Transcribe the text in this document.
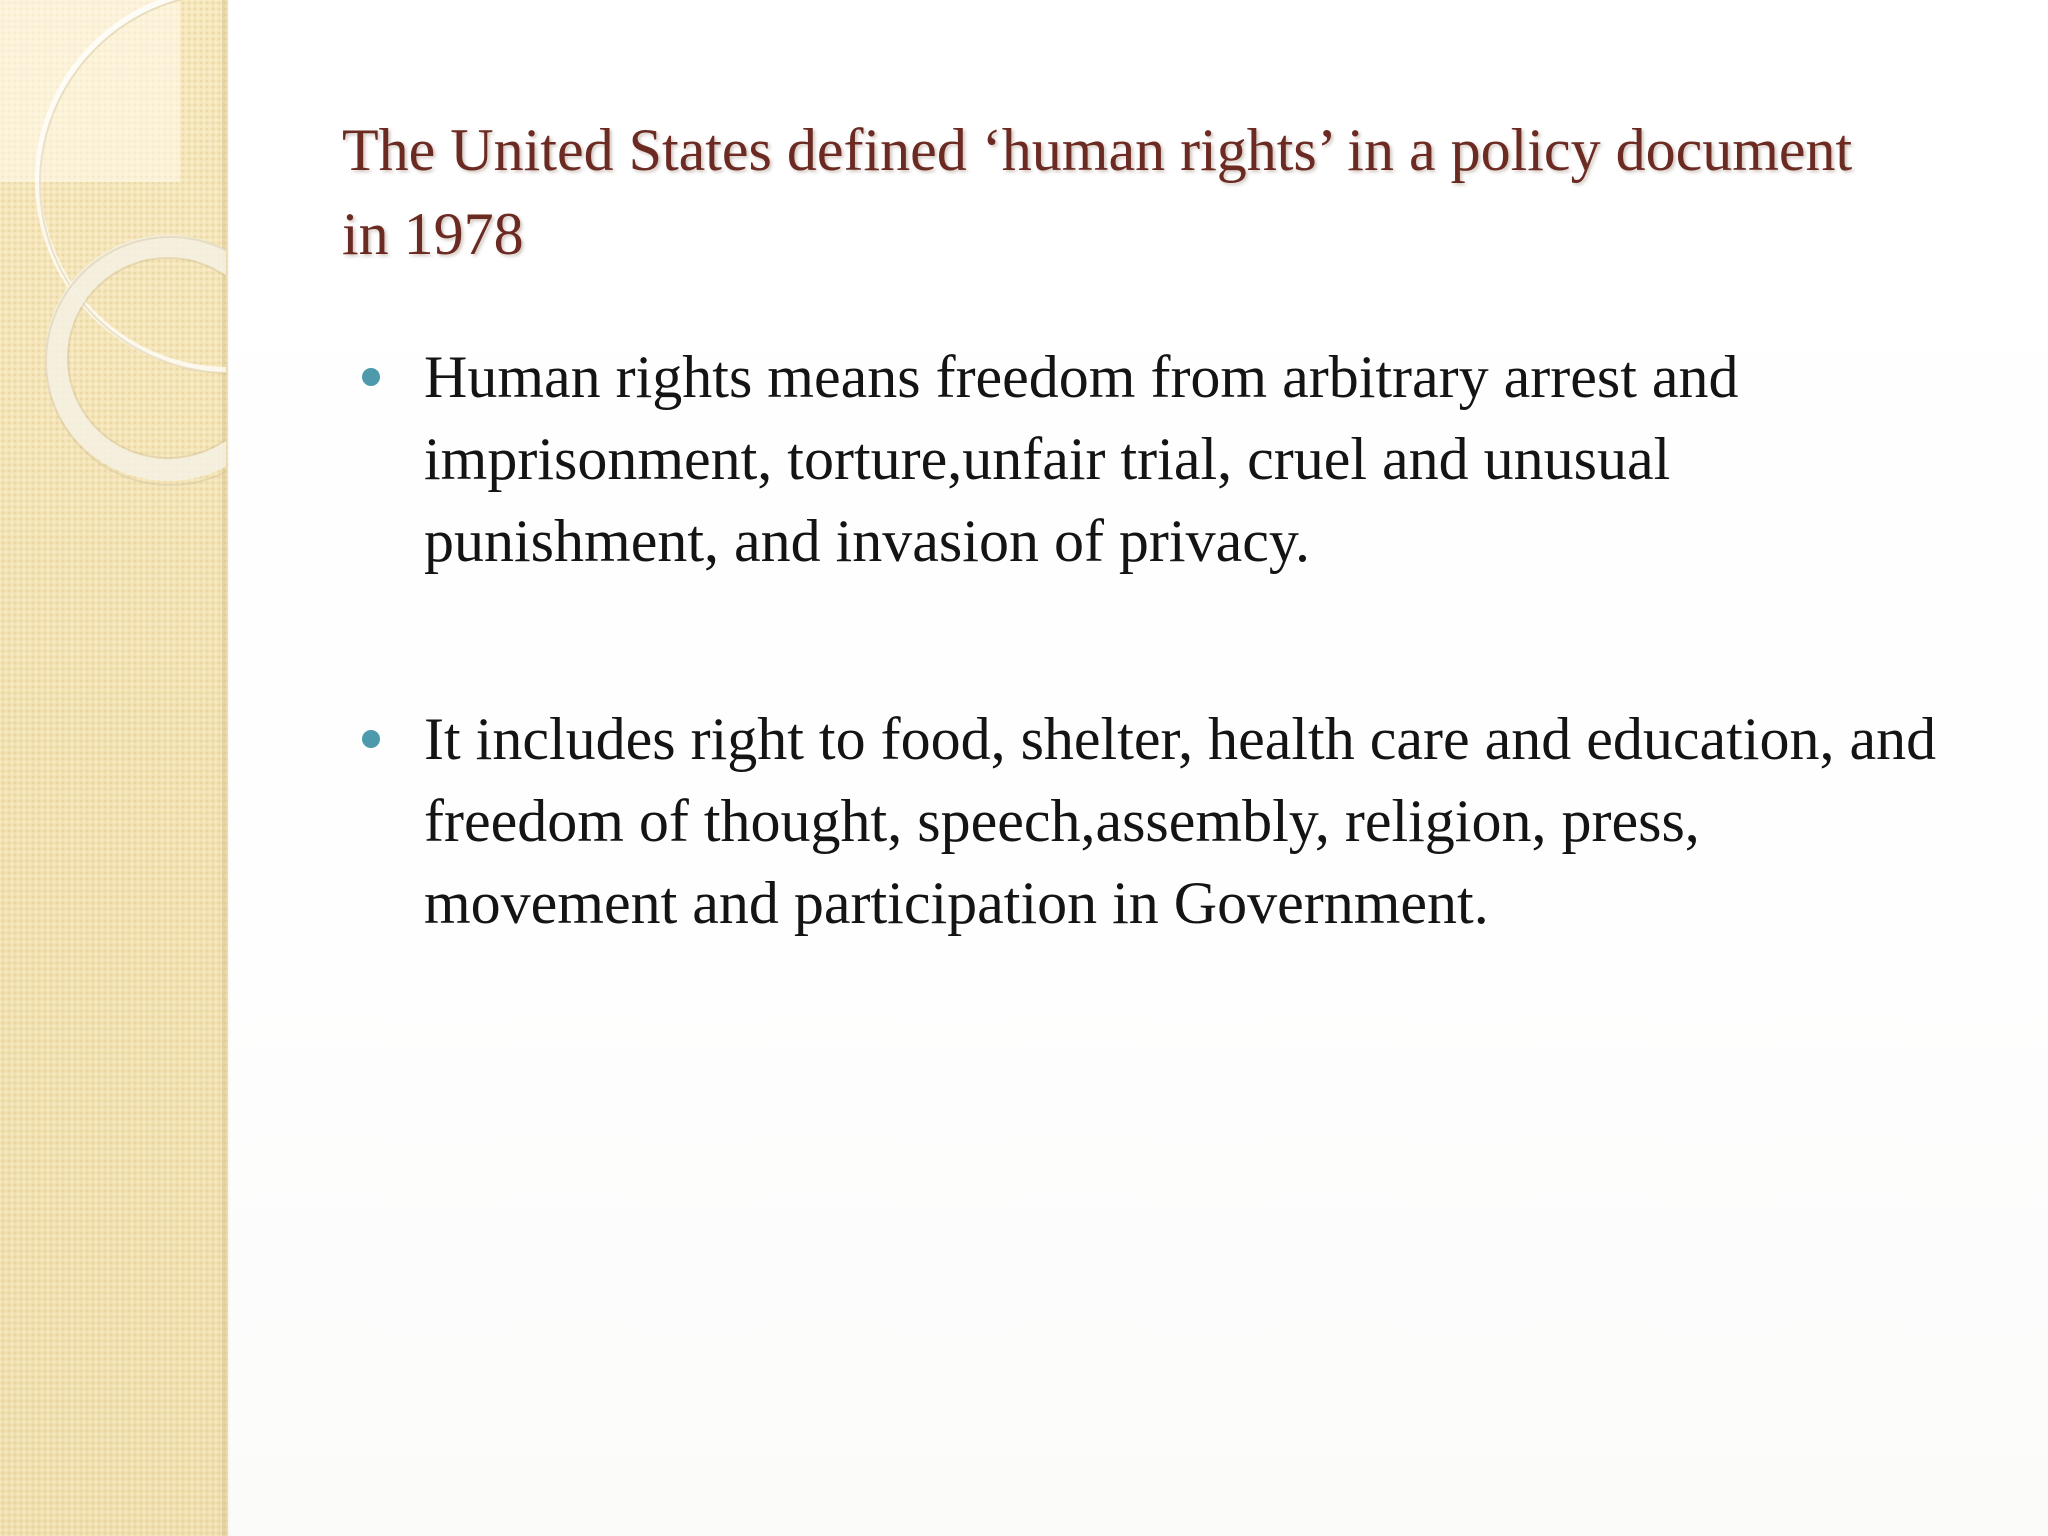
The United States defined ‘human rights’ in a policy document in 1978
Human rights means freedom from arbitrary arrest and imprisonment, torture,unfair trial, cruel and unusual punishment, and invasion of privacy.
It includes right to food, shelter, health care and education, and freedom of thought, speech,assembly, religion, press, movement and participation in Government.
